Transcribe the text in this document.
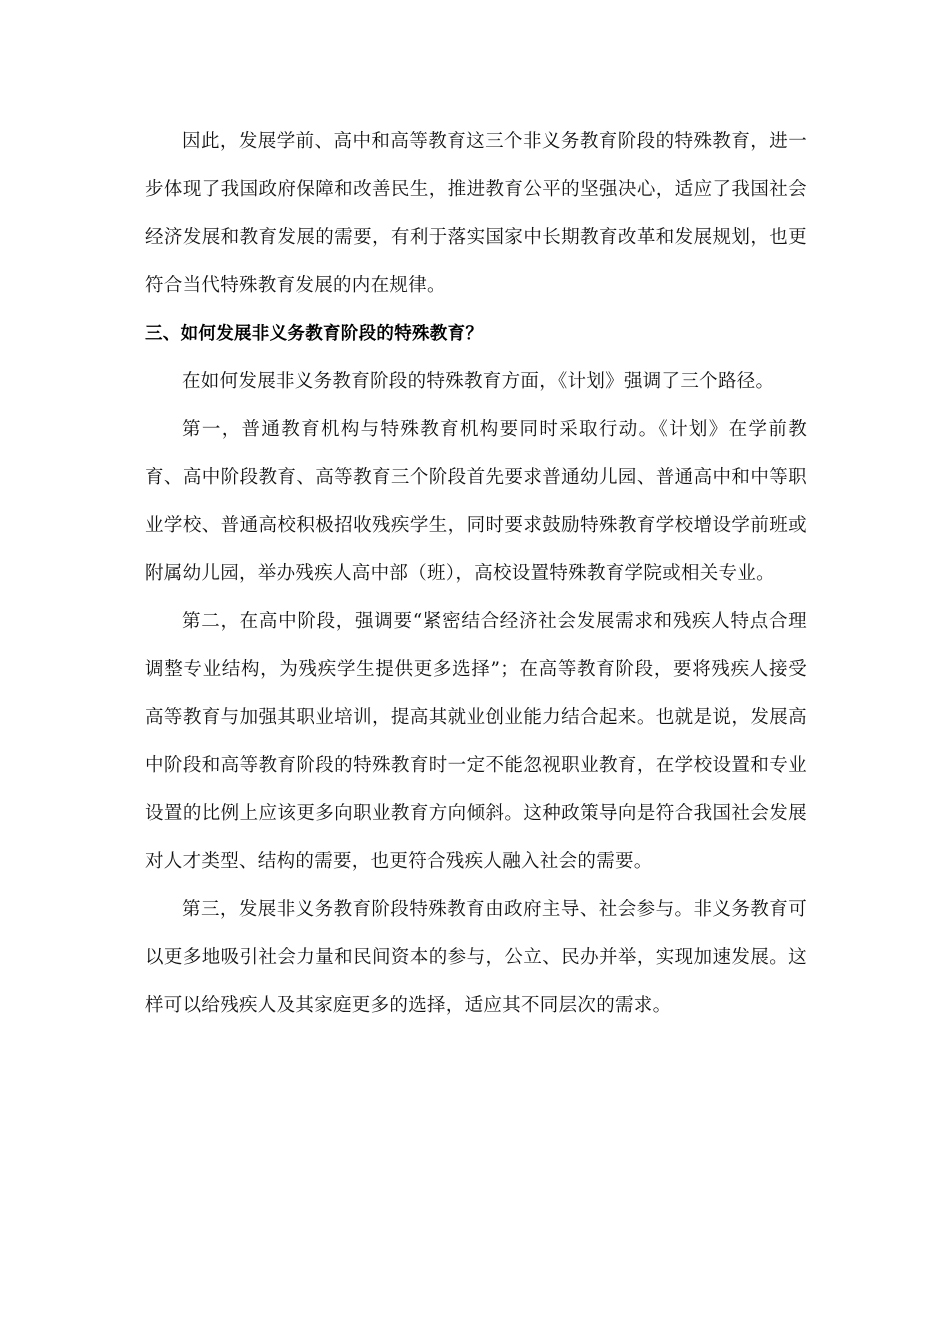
因此，发展学前、高中和高等教育这三个非义务教育阶段的特殊教育，进一步体现了我国政府保障和改善民生，推进教育公平的坚强决心，适应了我国社会经济发展和教育发展的需要，有利于落实国家中长期教育改革和发展规划，也更符合当代特殊教育发展的内在规律。

三、如何发展非义务教育阶段的特殊教育？

在如何发展非义务教育阶段的特殊教育方面，《计划》强调了三个路径。

第一，普通教育机构与特殊教育机构要同时采取行动。《计划》在学前教育、高中阶段教育、高等教育三个阶段首先要求普通幼儿园、普通高中和中等职业学校、普通高校积极招收残疾学生，同时要求鼓励特殊教育学校增设学前班或附属幼儿园，举办残疾人高中部（班），高校设置特殊教育学院或相关专业。

第二，在高中阶段，强调要“紧密结合经济社会发展需求和残疾人特点合理调整专业结构，为残疾学生提供更多选择”；在高等教育阶段，要将残疾人接受高等教育与加强其职业培训，提高其就业创业能力结合起来。也就是说，发展高中阶段和高等教育阶段的特殊教育时一定不能忽视职业教育，在学校设置和专业设置的比例上应该更多向职业教育方向倾斜。这种政策导向是符合我国社会发展对人才类型、结构的需要，也更符合残疾人融入社会的需要。

第三，发展非义务教育阶段特殊教育由政府主导、社会参与。非义务教育可以更多地吸引社会力量和民间资本的参与，公立、民办并举，实现加速发展。这样可以给残疾人及其家庭更多的选择，适应其不同层次的需求。
